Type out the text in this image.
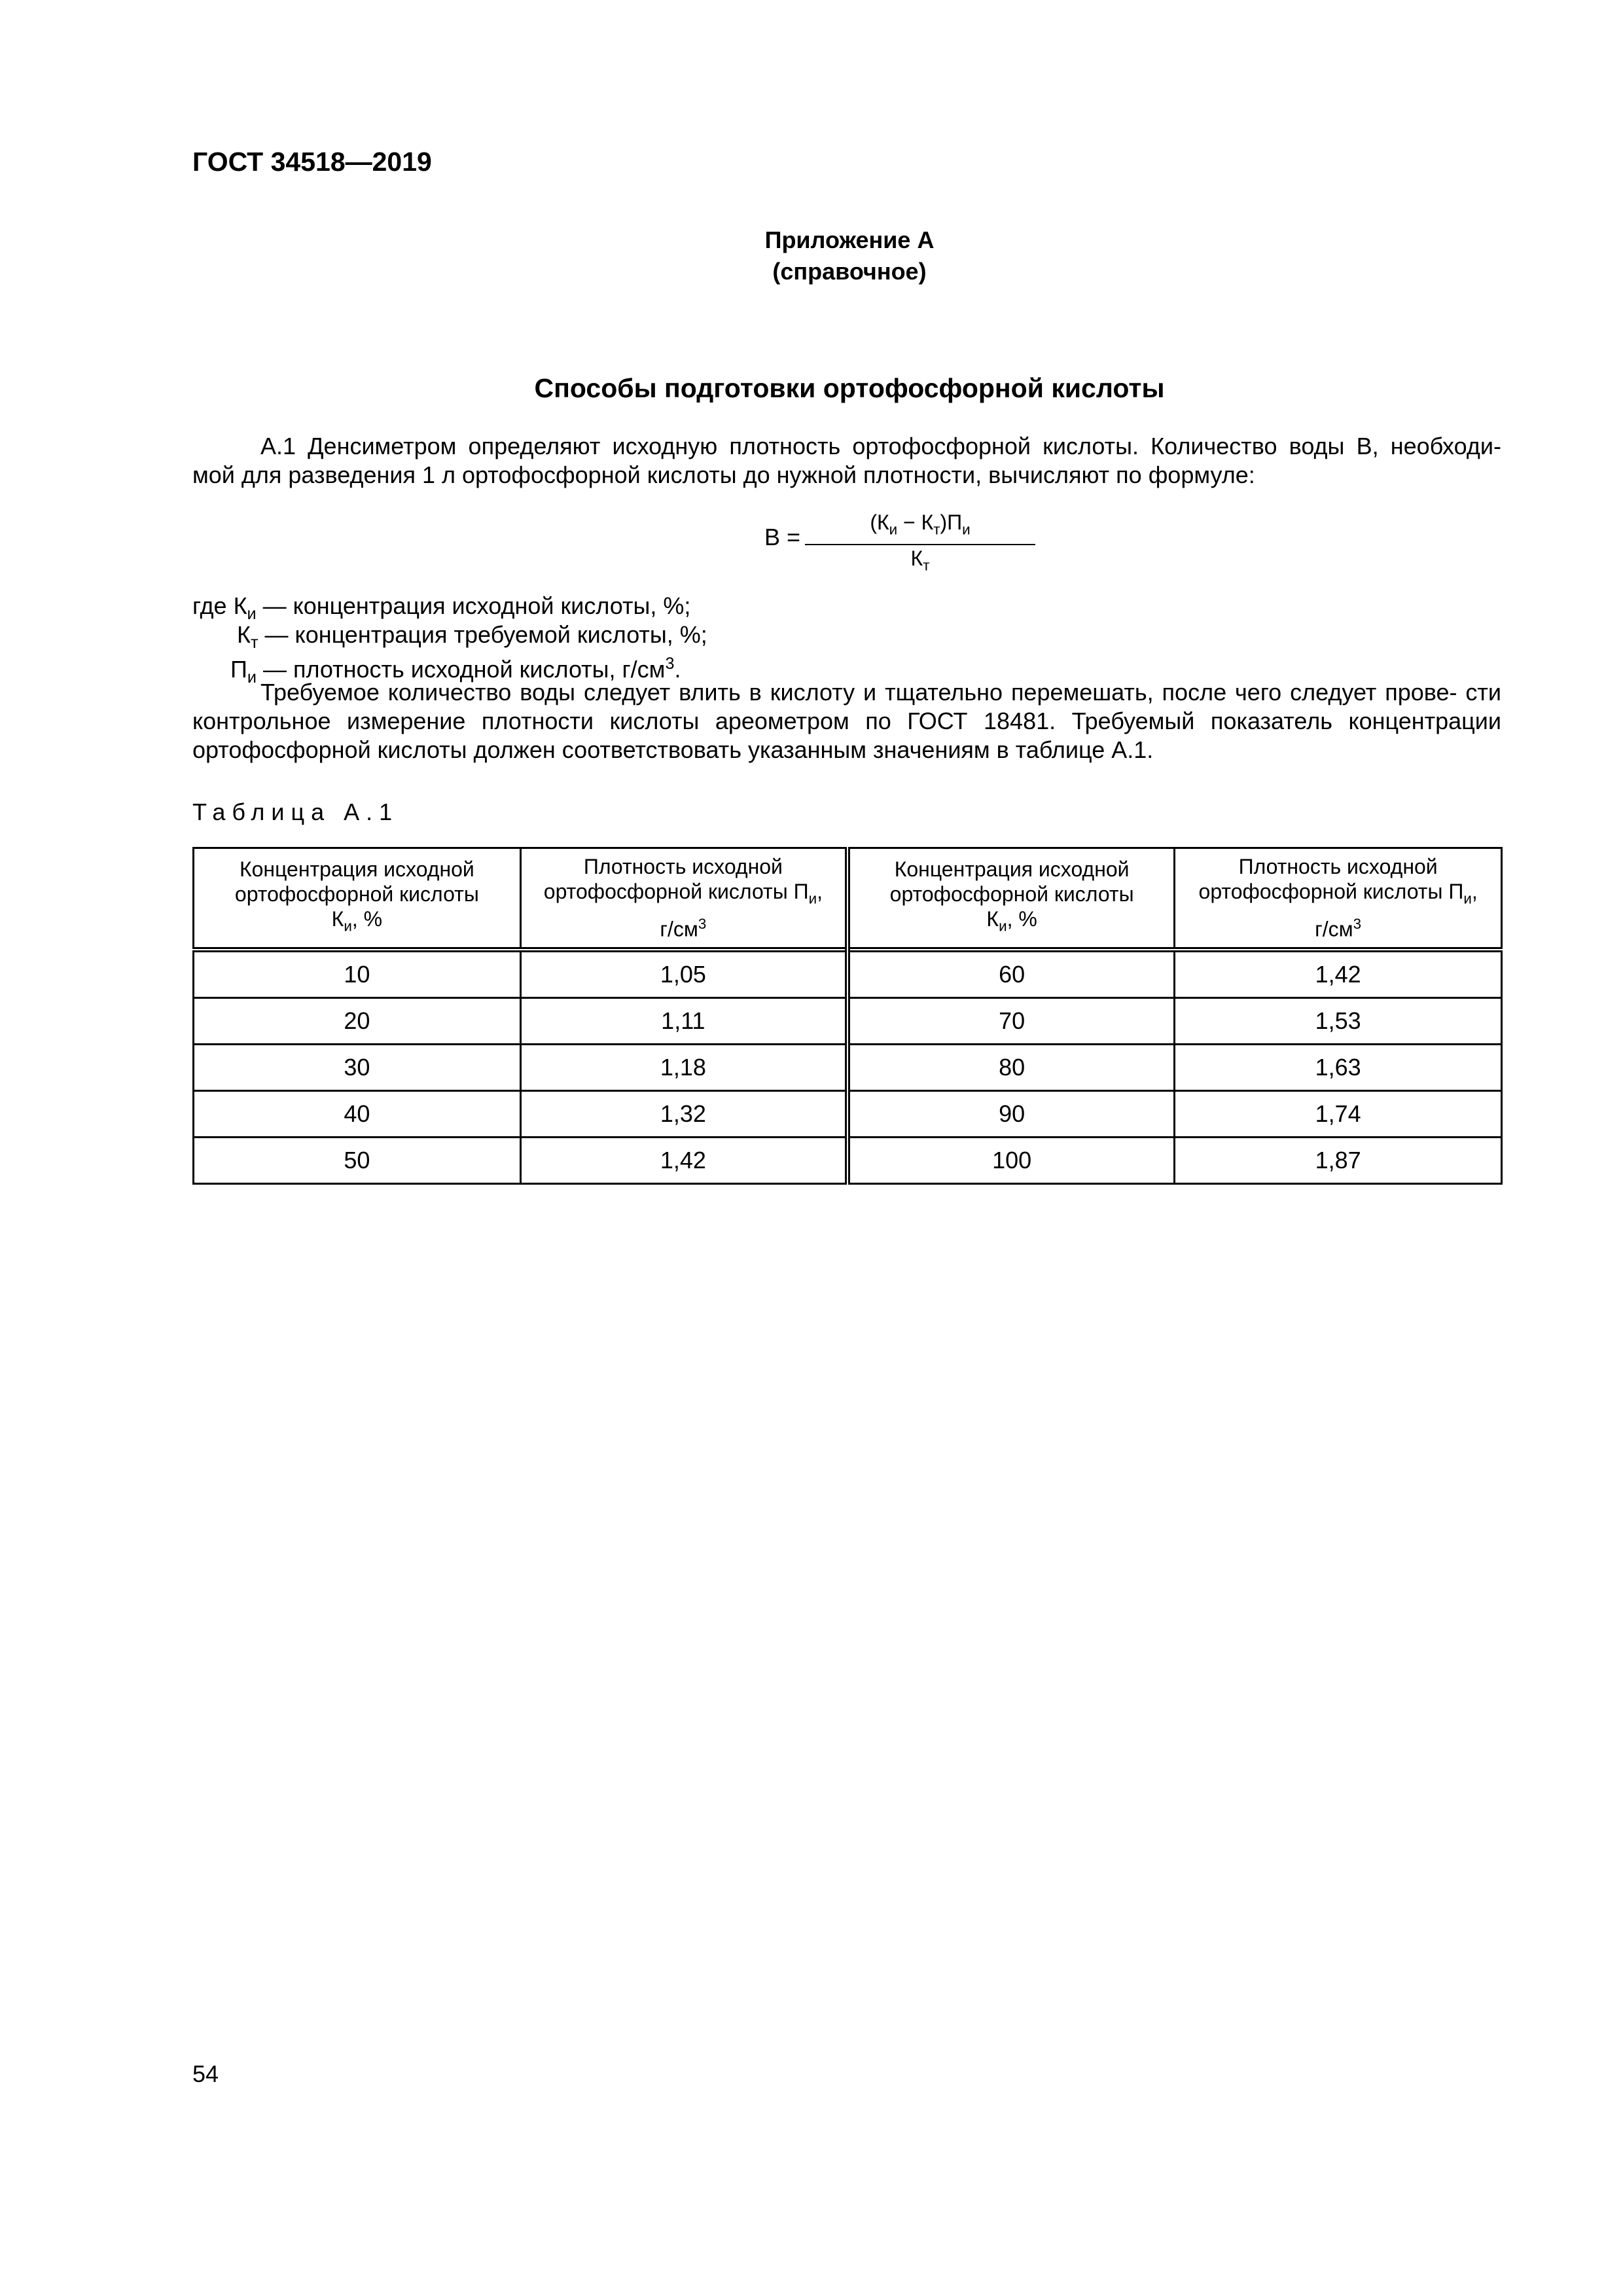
ГОСТ 34518—2019
Приложение А
(справочное)
Способы подготовки ортофосфорной кислоты
А.1 Денсиметром определяют исходную плотность ортофосфорной кислоты. Количество воды В, необходи-
мой для разведения 1 л ортофосфорной кислоты до нужной плотности, вычисляют по формуле:
В =
$(К_и - К_т)П_и$
$К_т$
где $К_и$ — концентрация исходной кислоты, %;
$К_т$ — концентрация требуемой кислоты, %;
$П_и$ — плотность исходной кислоты, $г/см^3$.
Требуемое количество воды следует влить в кислоту и тщательно перемешать, после чего следует прове- сти контрольное измерение плотности кислоты ареометром по ГОСТ 18481. Требуемый показатель концентрации ортофосфорной кислоты должен соответствовать указанным значениям в таблице А.1.
Таблица А.1
Концентрация исходной
ортофосфорной кислоты
$К_и$, %	Плотность исходной
ортофосфорной кислоты $П_и$,
$г/см^3$	Концентрация исходной
ортофосфорной кислоты
$К_и$, %	Плотность исходной
ортофосфорной кислоты $П_и$,
$г/см^3$
10	1,05	60	1,42
20	1,11	70	1,53
30	1,18	80	1,63
40	1,32	90	1,74
50	1,42	100	1,87
54
